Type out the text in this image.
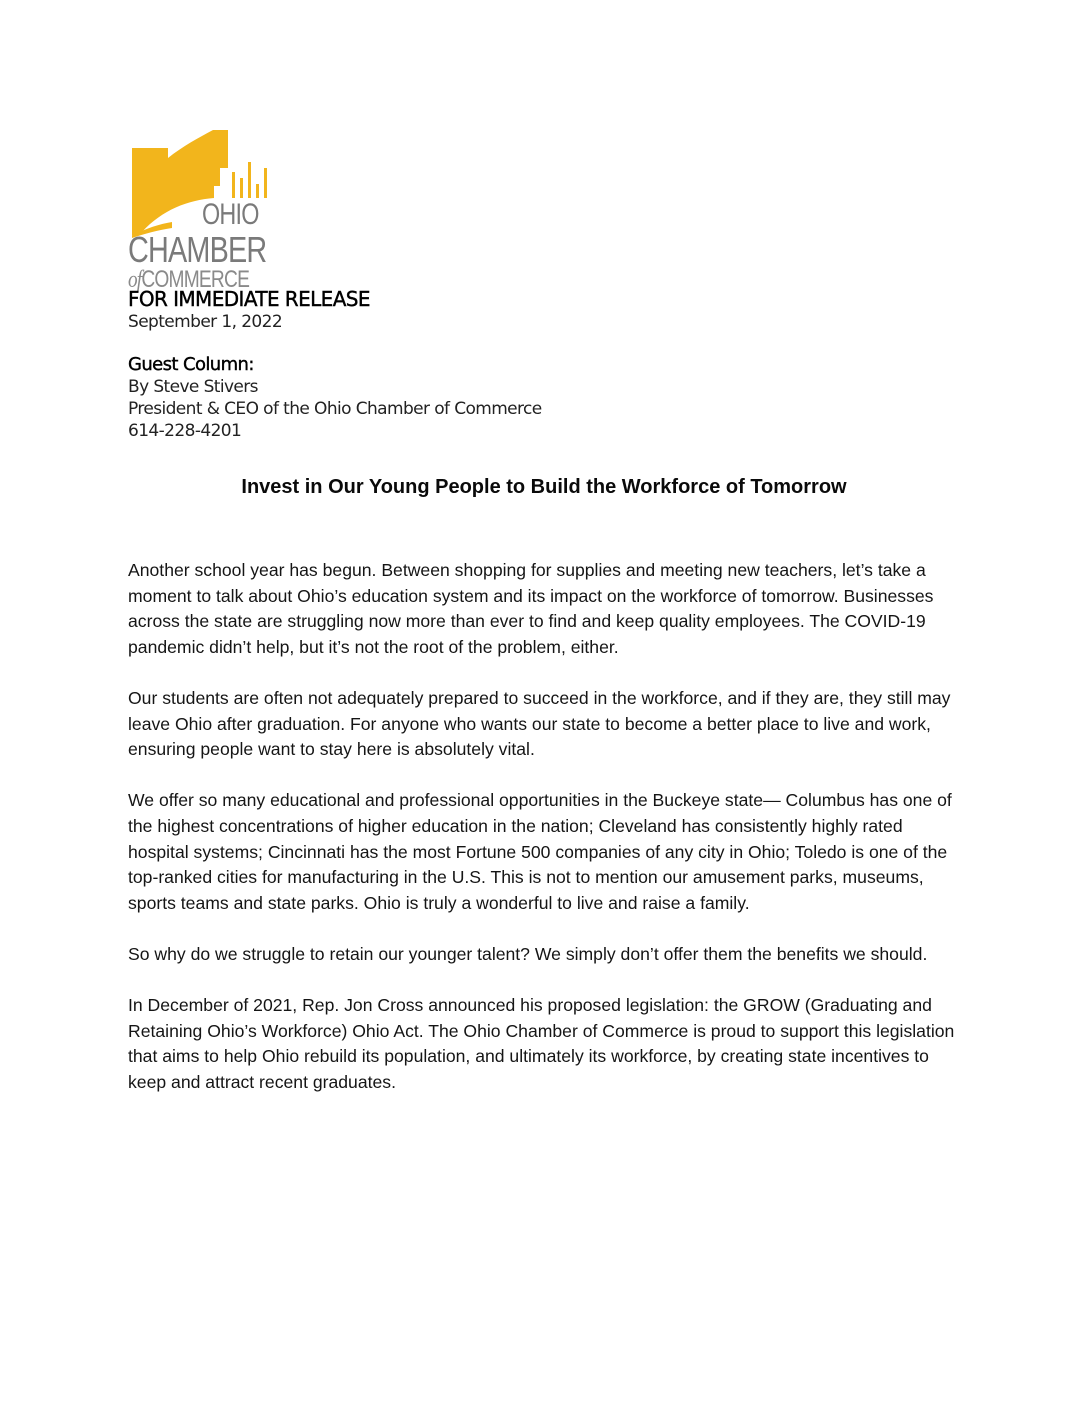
OHIO
CHAMBER
ofCOMMERCE
FOR IMMEDIATE RELEASE
September 1, 2022
Guest Column:
By Steve Stivers
President & CEO of the Ohio Chamber of Commerce
614-228-4201
Invest in Our Young People to Build the Workforce of Tomorrow

Another school year has begun. Between shopping for supplies and meeting new teachers, let’s take a moment to talk about Ohio’s education system and its impact on the workforce of tomorrow. Businesses across the state are struggling now more than ever to find and keep quality employees. The COVID-19 pandemic didn’t help, but it’s not the root of the problem, either.

Our students are often not adequately prepared to succeed in the workforce, and if they are, they still may leave Ohio after graduation. For anyone who wants our state to become a better place to live and work, ensuring people want to stay here is absolutely vital.

We offer so many educational and professional opportunities in the Buckeye state— Columbus has one of the highest concentrations of higher education in the nation; Cleveland has consistently highly rated hospital systems; Cincinnati has the most Fortune 500 companies of any city in Ohio; Toledo is one of the top-ranked cities for manufacturing in the U.S. This is not to mention our amusement parks, museums, sports teams and state parks. Ohio is truly a wonderful to live and raise a family.

So why do we struggle to retain our younger talent? We simply don’t offer them the benefits we should.

In December of 2021, Rep. Jon Cross announced his proposed legislation: the GROW (Graduating and Retaining Ohio’s Workforce) Ohio Act. The Ohio Chamber of Commerce is proud to support this legislation that aims to help Ohio rebuild its population, and ultimately its workforce, by creating state incentives to keep and attract recent graduates.
